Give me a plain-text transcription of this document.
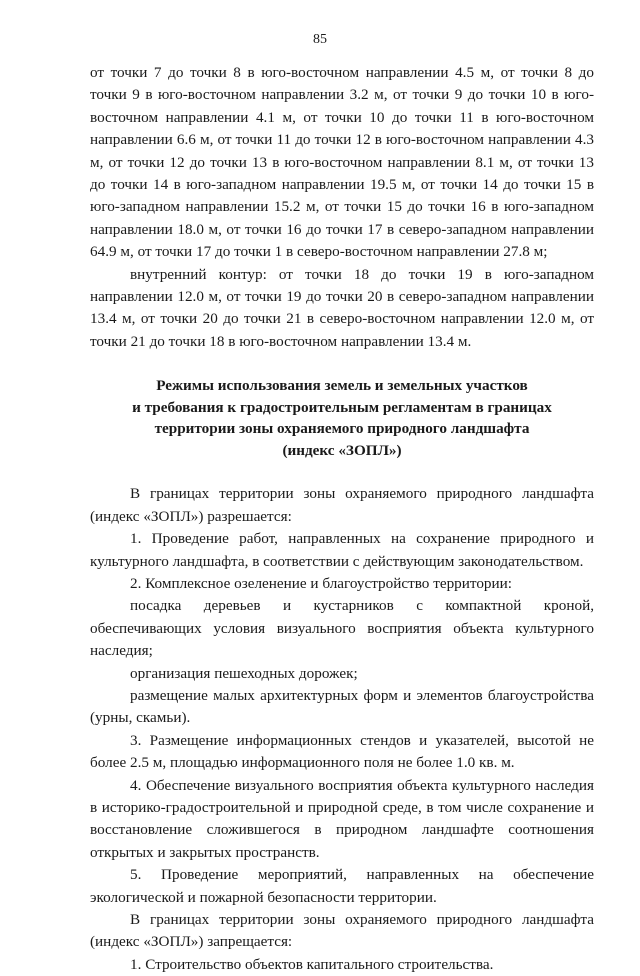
85

от точки 7 до точки 8 в юго-восточном направлении 4.5 м, от точки 8 до точки 9 в юго-восточном направлении 3.2 м, от точки 9 до точки 10 в юго-восточном направлении 4.1 м, от точки 10 до точки 11 в юго-восточном направлении 6.6 м, от точки 11 до точки 12 в юго-восточном направлении 4.3 м, от точки 12 до точки 13 в юго-восточном направлении 8.1 м, от точки 13 до точки 14 в юго-западном направлении 19.5 м, от точки 14 до точки 15 в юго-западном направлении 15.2 м, от точки 15 до точки 16 в юго-западном направлении 18.0 м, от точки 16 до точки 17 в северо-западном направлении 64.9 м, от точки 17 до точки 1 в северо-восточном направлении 27.8 м;

внутренний контур: от точки 18 до точки 19 в юго-западном направлении 12.0 м, от точки 19 до точки 20 в северо-западном направлении 13.4 м, от точки 20 до точки 21 в северо-восточном направлении 12.0 м, от точки 21 до точки 18 в юго-восточном направлении 13.4 м.

Режимы использования земель и земельных участков
и требования к градостроительным регламентам в границах
территории зоны охраняемого природного ландшафта
(индекс «ЗОПЛ»)

В границах территории зоны охраняемого природного ландшафта (индекс «ЗОПЛ») разрешается:

1. Проведение работ, направленных на сохранение природного и культурного ландшафта, в соответствии с действующим законодательством.

2. Комплексное озеленение и благоустройство территории:

посадка деревьев и кустарников с компактной кроной, обеспечивающих условия визуального восприятия объекта культурного наследия;

организация пешеходных дорожек;

размещение малых архитектурных форм и элементов благоустройства (урны, скамьи).

3. Размещение информационных стендов и указателей, высотой не более 2.5 м, площадью информационного поля не более 1.0 кв. м.

4. Обеспечение визуального восприятия объекта культурного наследия в историко-градостроительной и природной среде, в том числе сохранение и восстановление сложившегося в природном ландшафте соотношения открытых и закрытых пространств.

5. Проведение мероприятий, направленных на обеспечение экологической и пожарной безопасности территории.

В границах территории зоны охраняемого природного ландшафта (индекс «ЗОПЛ») запрещается:

1. Строительство объектов капитального строительства.
